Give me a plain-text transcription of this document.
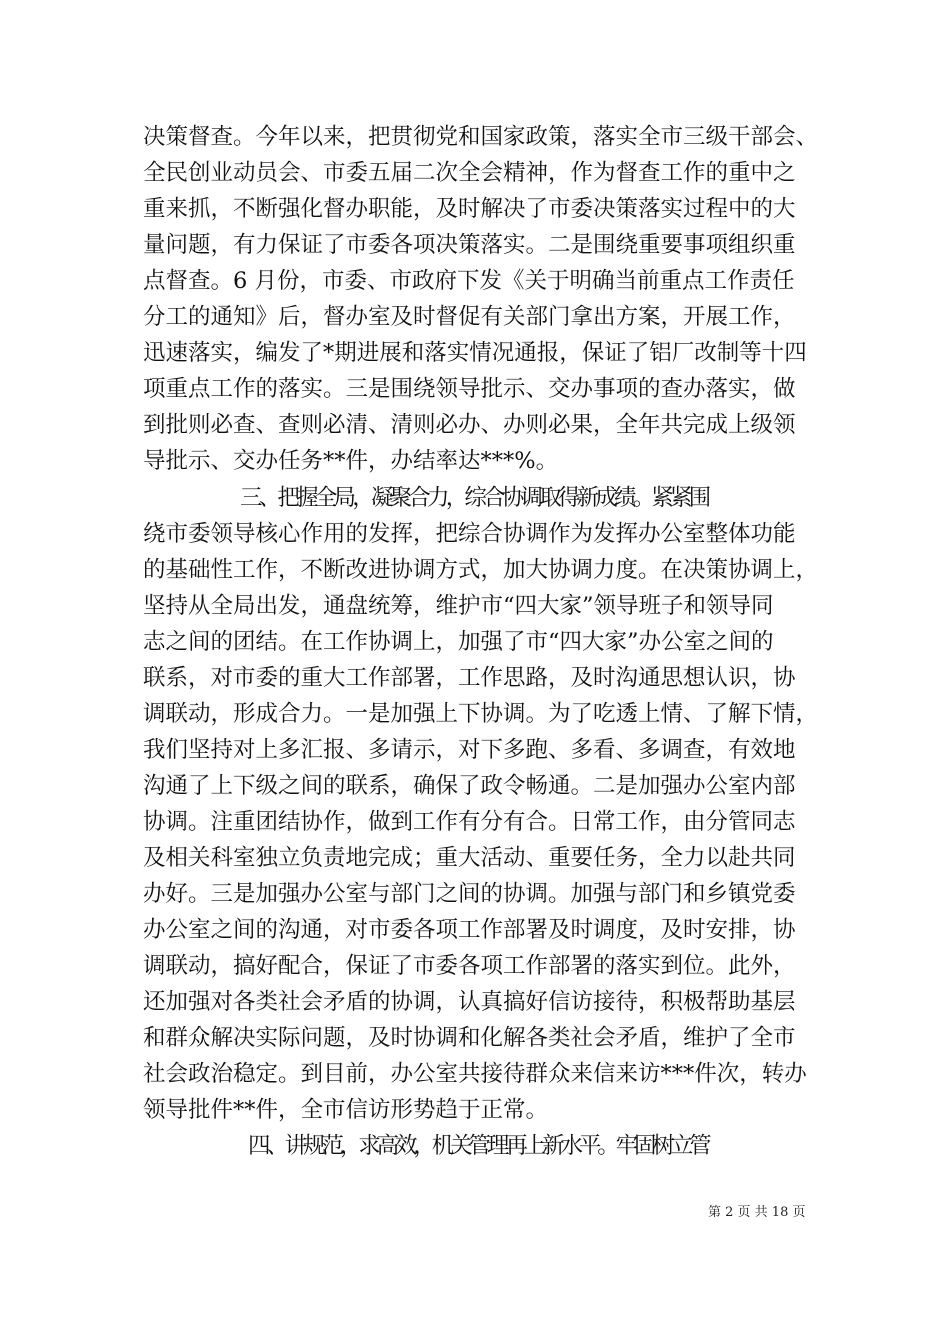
决策督查。今年以来，把贯彻党和国家政策，落实全市三级干部会、
全民创业动员会、市委五届二次全会精神，作为督查工作的重中之
重来抓，不断强化督办职能，及时解决了市委决策落实过程中的大
量问题，有力保证了市委各项决策落实。二是围绕重要事项组织重
点督查。6 月份，市委、市政府下发《关于明确当前重点工作责任
分工的通知》后，督办室及时督促有关部门拿出方案，开展工作，
迅速落实，编发了*期进展和落实情况通报，保证了铝厂改制等十四
项重点工作的落实。三是围绕领导批示、交办事项的查办落实，做
到批则必查、查则必清、清则必办、办则必果，全年共完成上级领
导批示、交办任务**件，办结率达***%。
三、把握全局，凝聚合力，综合协调取得新成绩。紧紧围
绕市委领导核心作用的发挥，把综合协调作为发挥办公室整体功能
的基础性工作，不断改进协调方式，加大协调力度。在决策协调上，
坚持从全局出发，通盘统筹，维护市“四大家”领导班子和领导同
志之间的团结。在工作协调上，加强了市“四大家”办公室之间的
联系，对市委的重大工作部署，工作思路，及时沟通思想认识，协
调联动，形成合力。一是加强上下协调。为了吃透上情、了解下情，
我们坚持对上多汇报、多请示，对下多跑、多看、多调查，有效地
沟通了上下级之间的联系，确保了政令畅通。二是加强办公室内部
协调。注重团结协作，做到工作有分有合。日常工作，由分管同志
及相关科室独立负责地完成；重大活动、重要任务，全力以赴共同
办好。三是加强办公室与部门之间的协调。加强与部门和乡镇党委
办公室之间的沟通，对市委各项工作部署及时调度，及时安排，协
调联动，搞好配合，保证了市委各项工作部署的落实到位。此外，
还加强对各类社会矛盾的协调，认真搞好信访接待，积极帮助基层
和群众解决实际问题，及时协调和化解各类社会矛盾，维护了全市
社会政治稳定。到目前，办公室共接待群众来信来访***件次，转办
领导批件**件，全市信访形势趋于正常。
四、讲规范，求高效，机关管理再上新水平。牢固树立管
第 2 页 共 18 页
